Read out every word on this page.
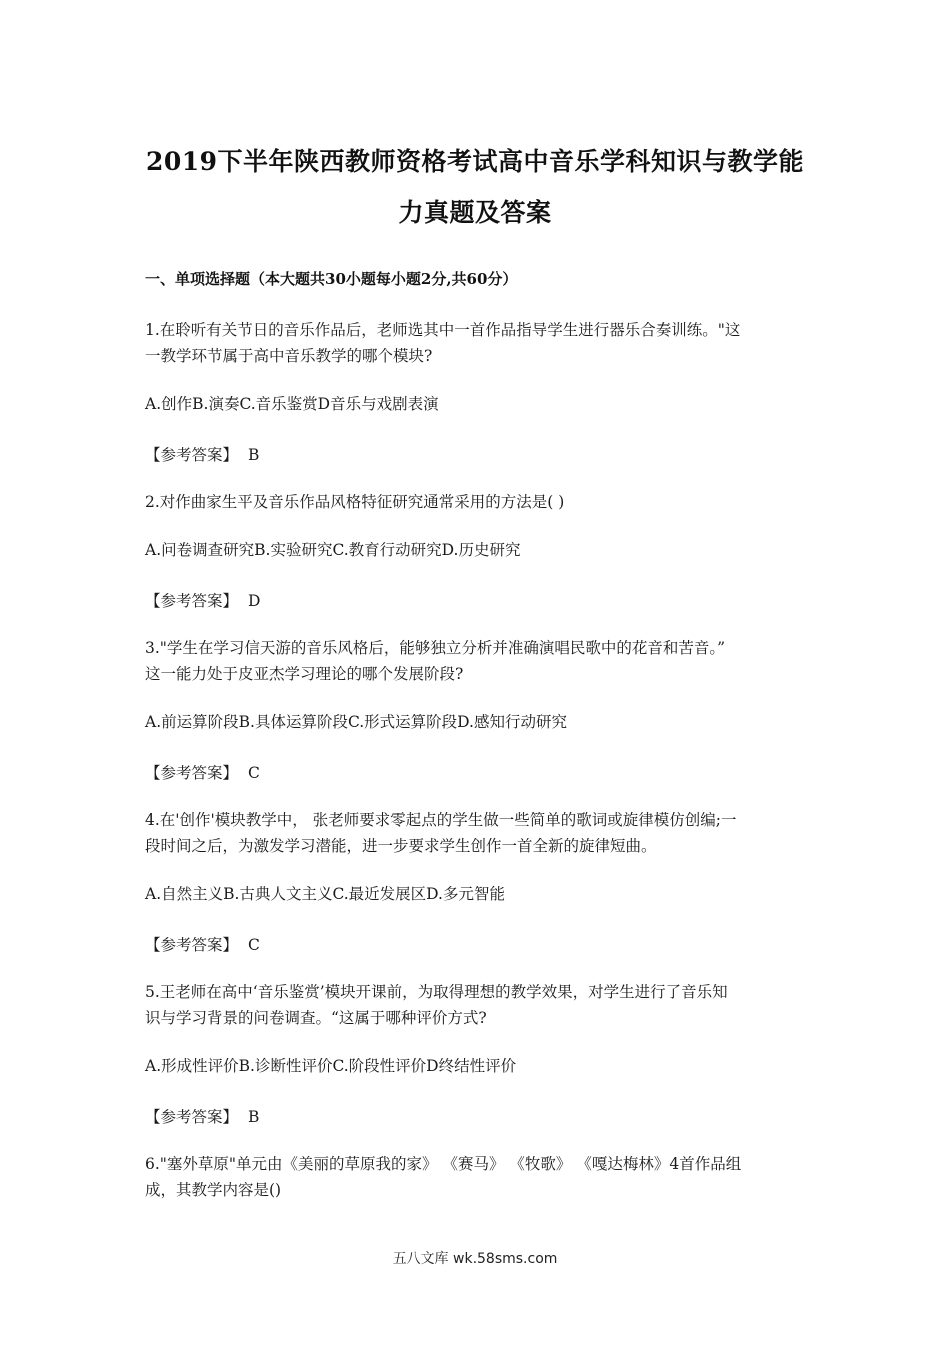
2019下半年陕西教师资格考试高中音乐学科知识与教学能
力真题及答案
一、单项选择题（本大题共30小题每小题2分,共60分）
1.在聆听有关节日的音乐作品后，老师选其中一首作品指导学生进行器乐合奏训练。"这
一教学环节属于高中音乐教学的哪个模块?
A.创作B.演奏C.音乐鉴赏D音乐与戏剧表演
【参考答案】 B
2.对作曲家生平及音乐作品风格特征研究通常采用的方法是( )
A.问卷调查研究B.实验研究C.教育行动研究D.历史研究
【参考答案】 D
3."学生在学习信天游的音乐风格后，能够独立分析并准确演唱民歌中的花音和苦音。”
这一能力处于皮亚杰学习理论的哪个发展阶段?
A.前运算阶段B.具体运算阶段C.形式运算阶段D.感知行动研究
【参考答案】 C
4.在'创作'模块教学中， 张老师要求零起点的学生做一些简单的歌词或旋律模仿创编;一
段时间之后，为激发学习潜能，进一步要求学生创作一首全新的旋律短曲。
A.自然主义B.古典人文主义C.最近发展区D.多元智能
【参考答案】 C
5.王老师在高中‘音乐鉴赏’模块开课前，为取得理想的教学效果，对学生进行了音乐知
识与学习背景的问卷调查。“这属于哪种评价方式?
A.形成性评价B.诊断性评价C.阶段性评价D终结性评价
【参考答案】 B
6."塞外草原"单元由《美丽的草原我的家》 《赛马》 《牧歌》 《嘎达梅林》4首作品组
成，其教学内容是()
五八文库 wk.58sms.com
